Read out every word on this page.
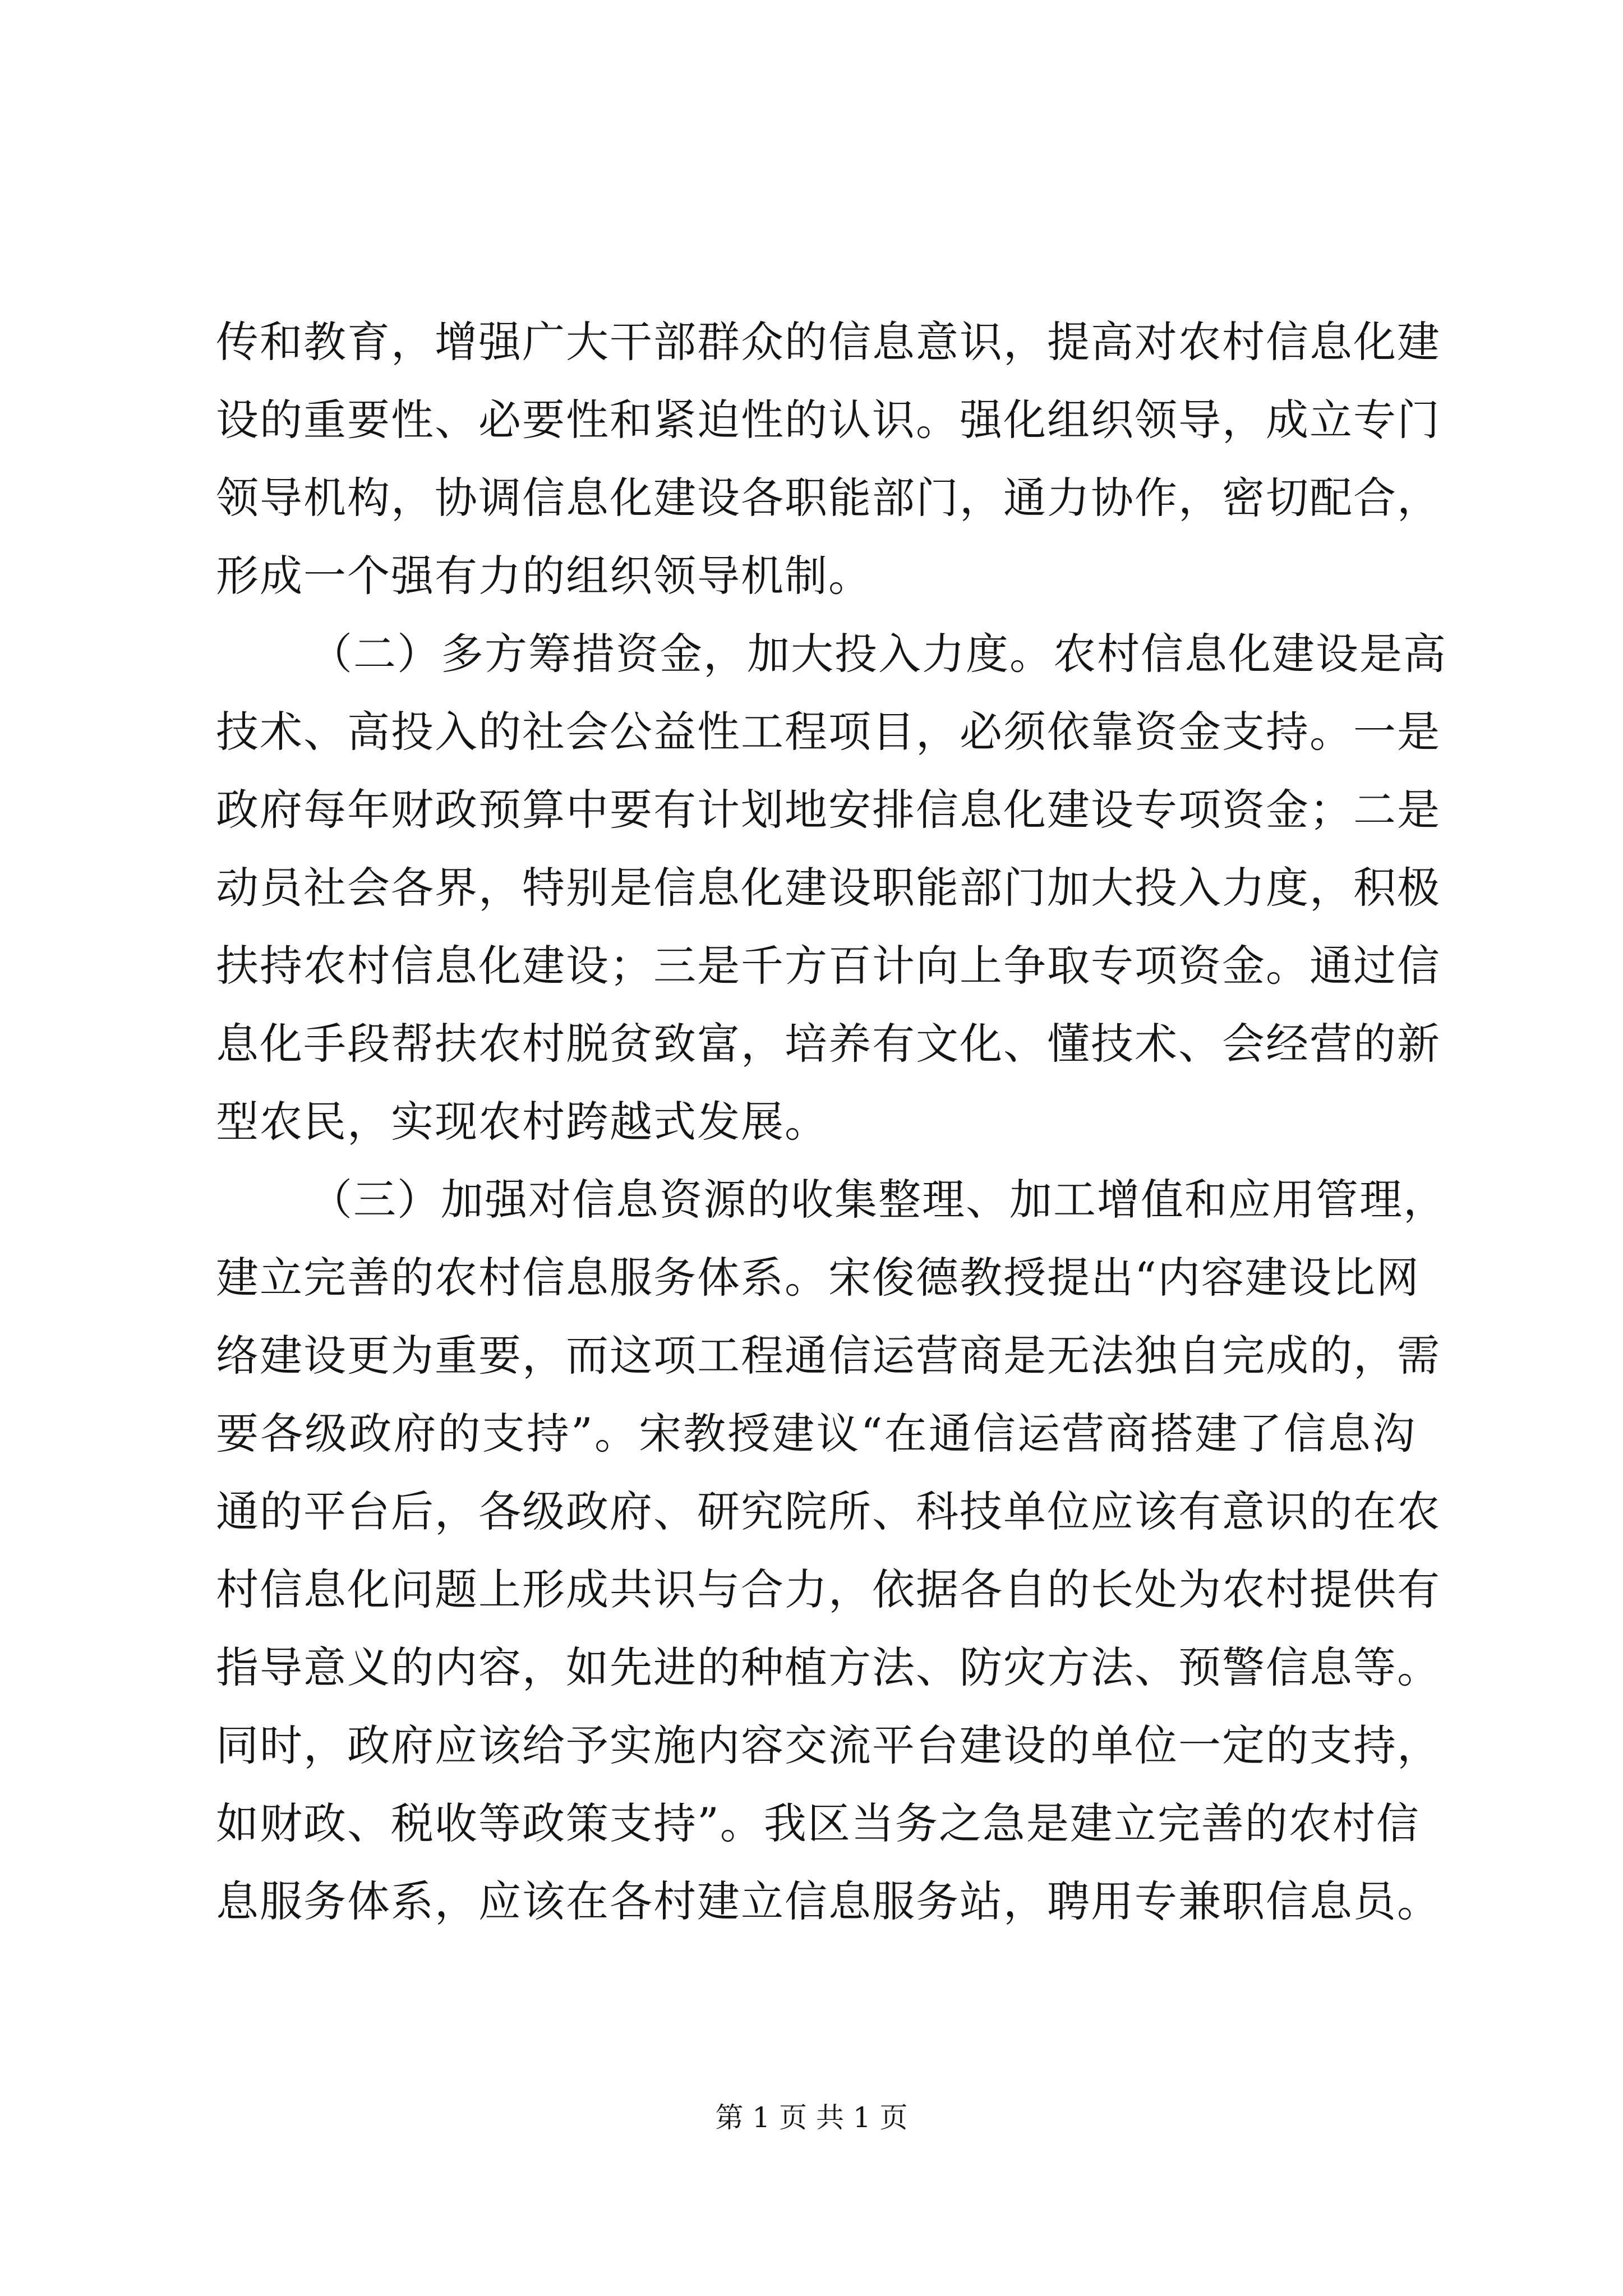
传和教育，增强广大干部群众的信息意识，提高对农村信息化建
设的重要性、必要性和紧迫性的认识。强化组织领导，成立专门
领导机构，协调信息化建设各职能部门，通力协作，密切配合，
形成一个强有力的组织领导机制。
（二）多方筹措资金，加大投入力度。农村信息化建设是高
技术、高投入的社会公益性工程项目，必须依靠资金支持。一是
政府每年财政预算中要有计划地安排信息化建设专项资金；二是
动员社会各界，特别是信息化建设职能部门加大投入力度，积极
扶持农村信息化建设；三是千方百计向上争取专项资金。通过信
息化手段帮扶农村脱贫致富，培养有文化、懂技术、会经营的新
型农民，实现农村跨越式发展。
（三）加强对信息资源的收集整理、加工增值和应用管理，
建立完善的农村信息服务体系。宋俊德教授提出“内容建设比网
络建设更为重要，而这项工程通信运营商是无法独自完成的，需
要各级政府的支持”。宋教授建议“在通信运营商搭建了信息沟
通的平台后，各级政府、研究院所、科技单位应该有意识的在农
村信息化问题上形成共识与合力，依据各自的长处为农村提供有
指导意义的内容，如先进的种植方法、防灾方法、预警信息等。
同时，政府应该给予实施内容交流平台建设的单位一定的支持，
如财政、税收等政策支持”。我区当务之急是建立完善的农村信
息服务体系，应该在各村建立信息服务站，聘用专兼职信息员。
第 1 页 共 1 页
